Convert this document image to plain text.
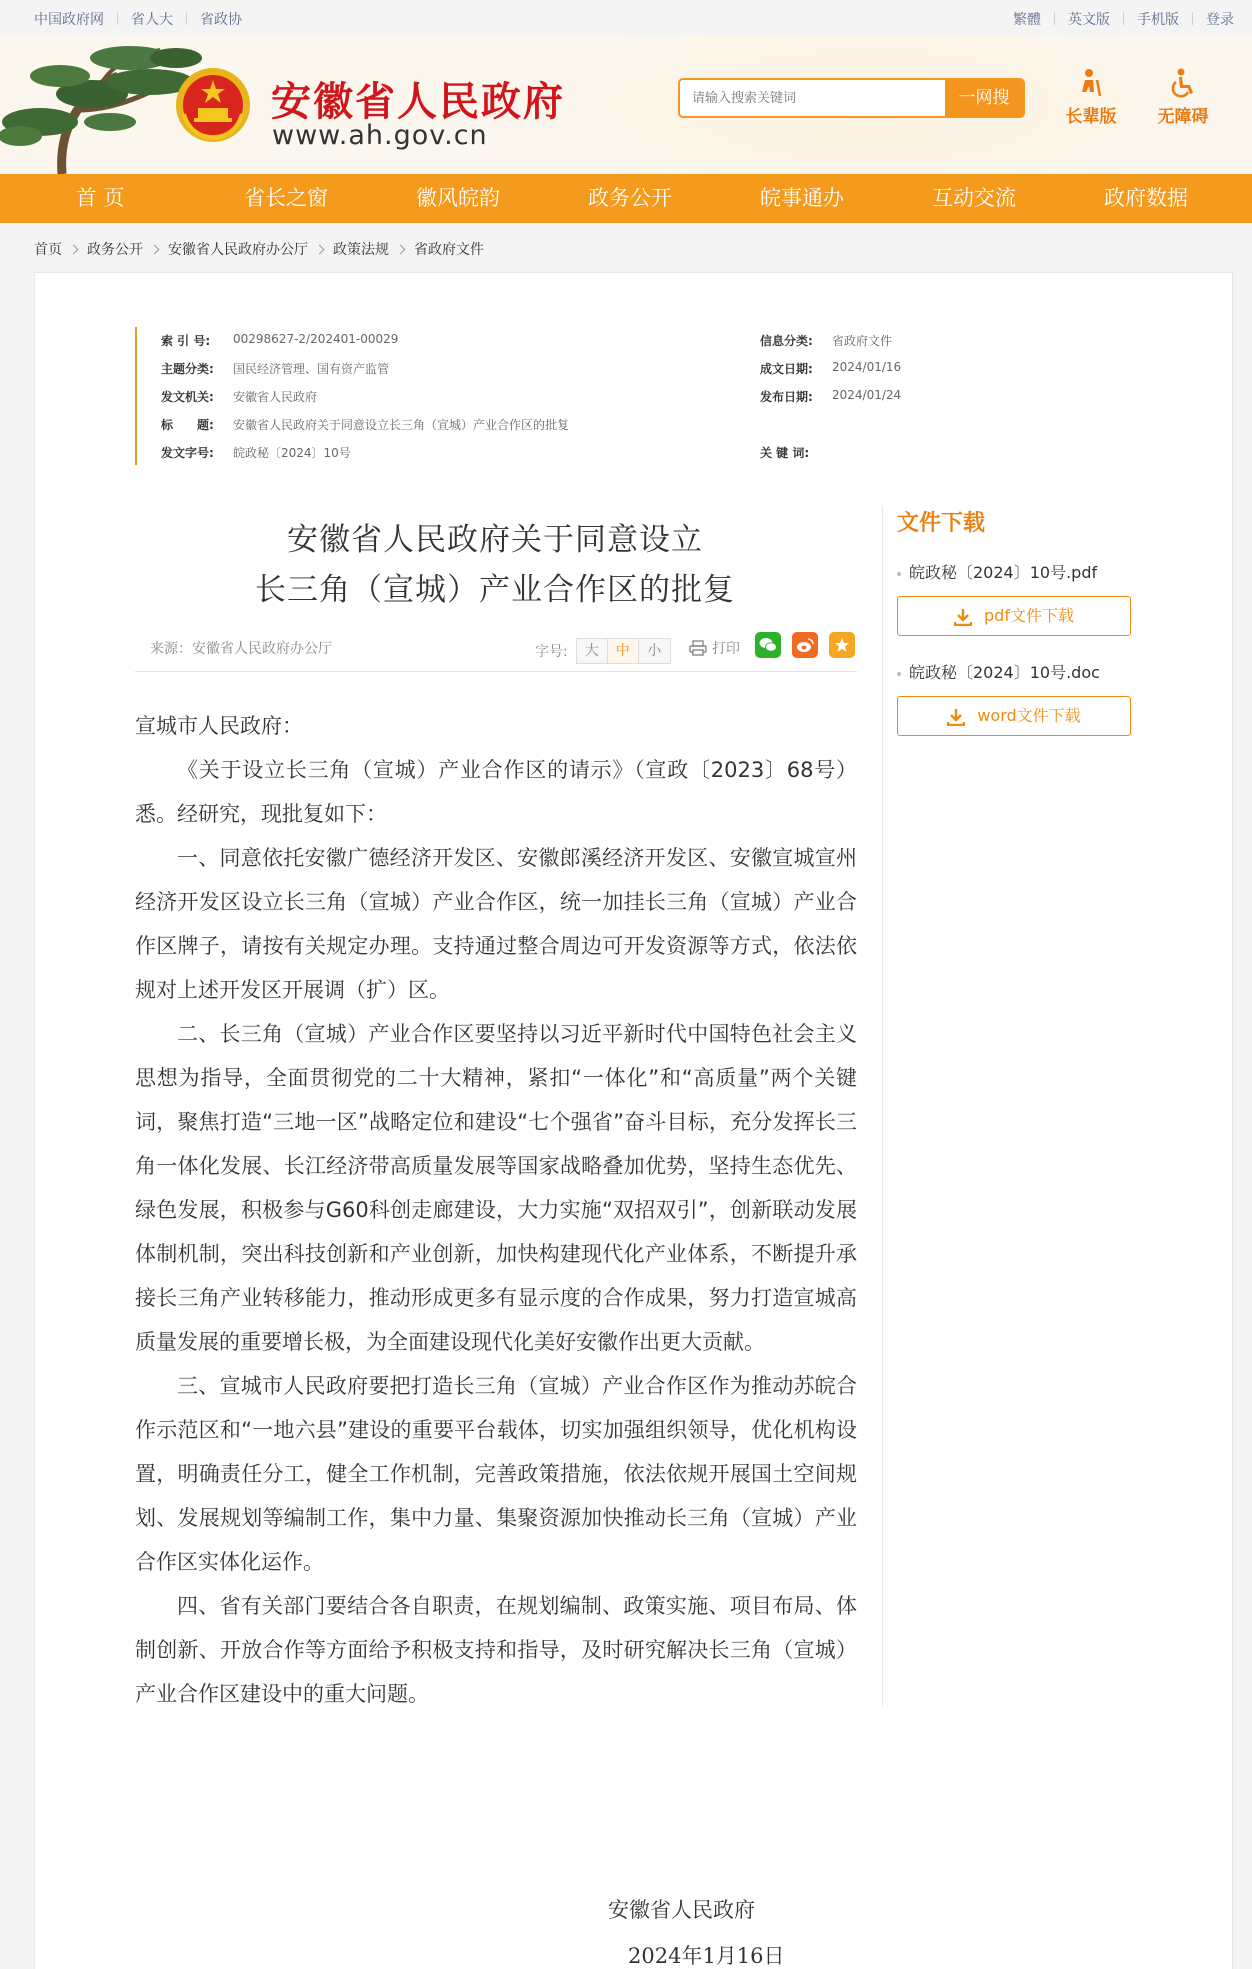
中国政府网 省人大 省政协	繁體 英文版 手机版 登录
安徽省人民政府
www.ah.gov.cn
请输入搜索关键词
一网搜
长辈版	无障碍
首 页	省长之窗	徽风皖韵	政务公开	皖事通办	互动交流	政府数据
首页 政务公开 安徽省人民政府办公厅 政策法规 省政府文件
索 引 号:	00298627-2/202401-00029
主题分类:	国民经济管理、国有资产监管
发文机关:	安徽省人民政府
标　　题:	安徽省人民政府关于同意设立长三角（宣城）产业合作区的批复
发文字号:	皖政秘〔2024〕10号
信息分类:	省政府文件
成文日期:	2024/01/16
发布日期:	2024/01/24
关 键 词:
安徽省人民政府关于同意设立
长三角（宣城）产业合作区的批复
来源：安徽省人民政府办公厅	字号:	大	中	小	打印

宣城市人民政府：

《关于设立长三角（宣城）产业合作区的请示》（宣政〔2023〕68号）悉。经研究，现批复如下：

一、同意依托安徽广德经济开发区、安徽郎溪经济开发区、安徽宣城宣州经济开发区设立长三角（宣城）产业合作区，统一加挂长三角（宣城）产业合作区牌子，请按有关规定办理。支持通过整合周边可开发资源等方式，依法依规对上述开发区开展调（扩）区。

二、长三角（宣城）产业合作区要坚持以习近平新时代中国特色社会主义思想为指导，全面贯彻党的二十大精神，紧扣“一体化”和“高质量”两个关键词，聚焦打造“三地一区”战略定位和建设“七个强省”奋斗目标，充分发挥长三角一体化发展、长江经济带高质量发展等国家战略叠加优势，坚持生态优先、绿色发展，积极参与G60科创走廊建设，大力实施“双招双引”，创新联动发展体制机制，突出科技创新和产业创新，加快构建现代化产业体系，不断提升承接长三角产业转移能力，推动形成更多有显示度的合作成果，努力打造宣城高质量发展的重要增长极，为全面建设现代化美好安徽作出更大贡献。

三、宣城市人民政府要把打造长三角（宣城）产业合作区作为推动苏皖合作示范区和“一地六县”建设的重要平台载体，切实加强组织领导，优化机构设置，明确责任分工，健全工作机制，完善政策措施，依法依规开展国土空间规划、发展规划等编制工作，集中力量、集聚资源加快推动长三角（宣城）产业合作区实体化运作。

四、省有关部门要结合各自职责，在规划编制、政策实施、项目布局、体制创新、开放合作等方面给予积极支持和指导，及时研究解决长三角（宣城）产业合作区建设中的重大问题。

安徽省人民政府
2024年1月16日
文件下载
皖政秘〔2024〕10号.pdf
pdf文件下载
皖政秘〔2024〕10号.doc
word文件下载
